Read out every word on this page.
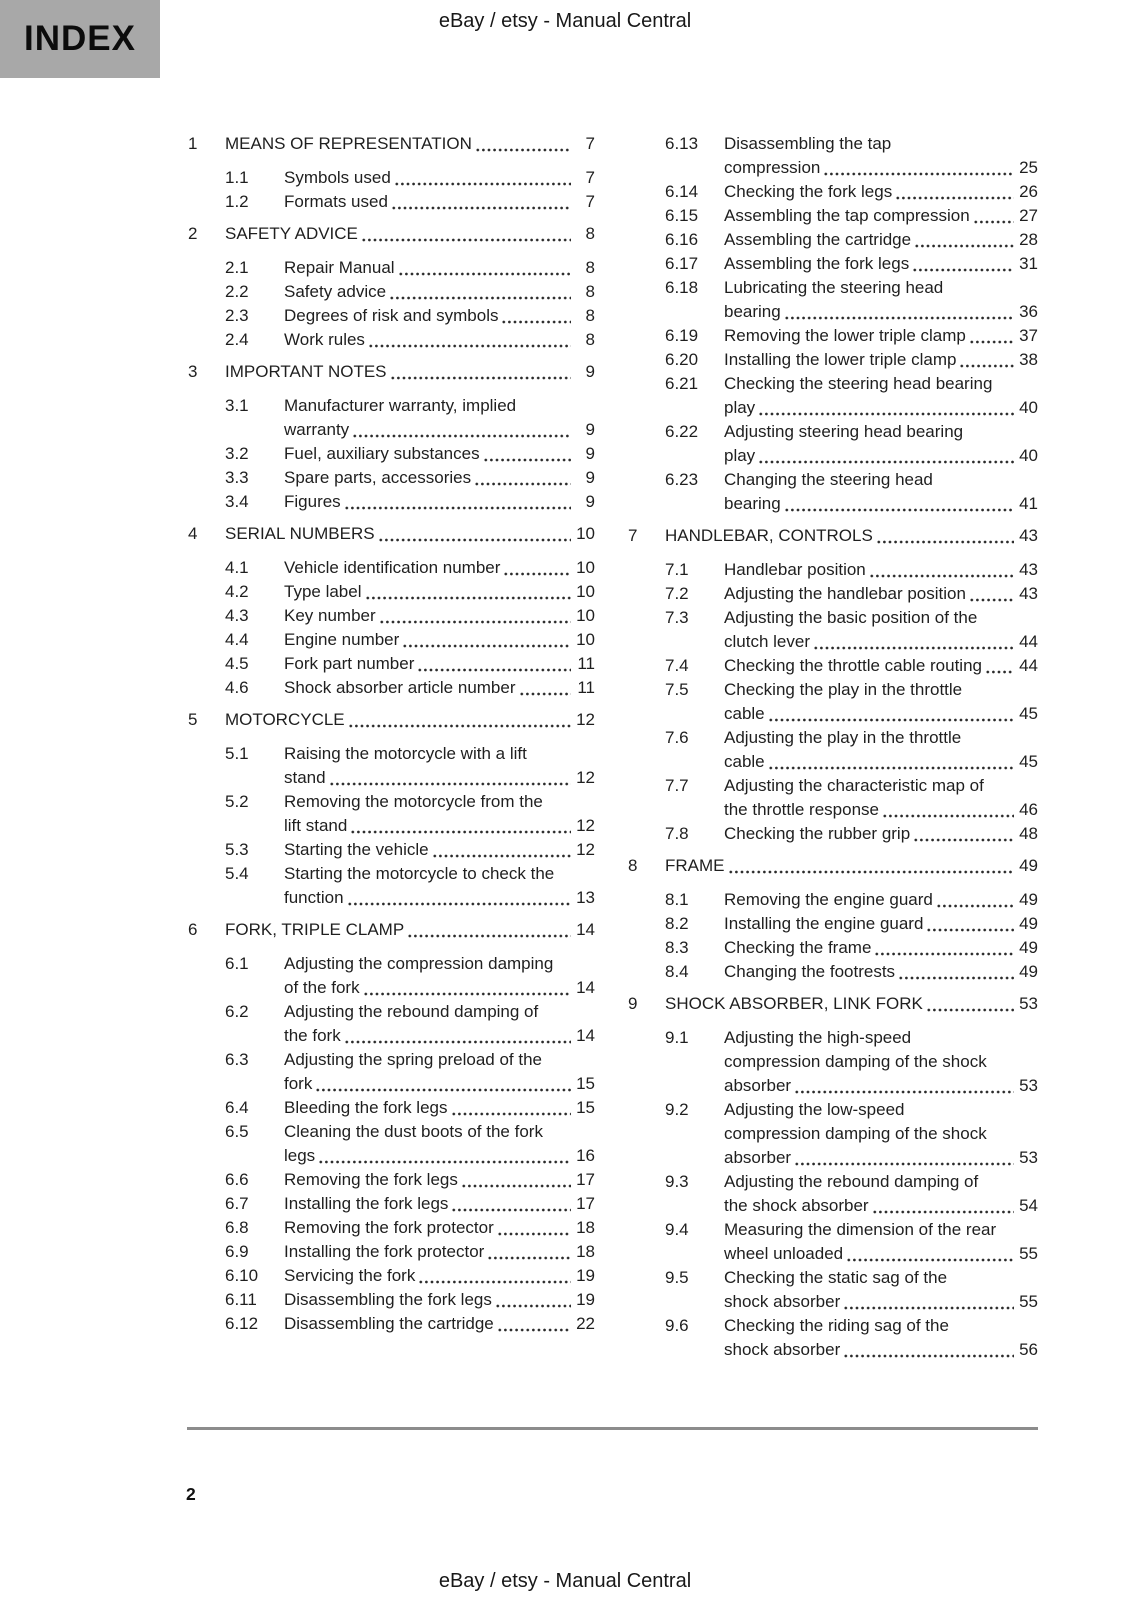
INDEX	eBay / etsy - Manual Central
1	MEANS OF REPRESENTATION	7
1.1	Symbols used	7
1.2	Formats used	7
2	SAFETY ADVICE	8
2.1	Repair Manual	8
2.2	Safety advice	8
2.3	Degrees of risk and symbols	8
2.4	Work rules	8
3	IMPORTANT NOTES	9
3.1	Manufacturer warranty, implied
warranty	9
3.2	Fuel, auxiliary substances	9
3.3	Spare parts, accessories	9
3.4	Figures	9
4	SERIAL NUMBERS	10
4.1	Vehicle identification number	10
4.2	Type label	10
4.3	Key number	10
4.4	Engine number	10
4.5	Fork part number	11
4.6	Shock absorber article number	11
5	MOTORCYCLE	12
5.1	Raising the motorcycle with a lift
stand	12
5.2	Removing the motorcycle from the
lift stand	12
5.3	Starting the vehicle	12
5.4	Starting the motorcycle to check the
function	13
6	FORK, TRIPLE CLAMP	14
6.1	Adjusting the compression damping
of the fork	14
6.2	Adjusting the rebound damping of
the fork	14
6.3	Adjusting the spring preload of the
fork	15
6.4	Bleeding the fork legs	15
6.5	Cleaning the dust boots of the fork
legs	16
6.6	Removing the fork legs	17
6.7	Installing the fork legs	17
6.8	Removing the fork protector	18
6.9	Installing the fork protector	18
6.10	Servicing the fork	19
6.11	Disassembling the fork legs	19
6.12	Disassembling the cartridge	22
6.13	Disassembling the tap
compression	25
6.14	Checking the fork legs	26
6.15	Assembling the tap compression	27
6.16	Assembling the cartridge	28
6.17	Assembling the fork legs	31
6.18	Lubricating the steering head
bearing	36
6.19	Removing the lower triple clamp	37
6.20	Installing the lower triple clamp	38
6.21	Checking the steering head bearing
play	40
6.22	Adjusting steering head bearing
play	40
6.23	Changing the steering head
bearing	41
7	HANDLEBAR, CONTROLS	43
7.1	Handlebar position	43
7.2	Adjusting the handlebar position	43
7.3	Adjusting the basic position of the
clutch lever	44
7.4	Checking the throttle cable routing 44
7.5	Checking the play in the throttle
cable	45
7.6	Adjusting the play in the throttle
cable	45
7.7	Adjusting the characteristic map of
the throttle response	46
7.8	Checking the rubber grip	48
8	FRAME	49
8.1	Removing the engine guard	49
8.2	Installing the engine guard	49
8.3	Checking the frame	49
8.4	Changing the footrests	49
9	SHOCK ABSORBER, LINK FORK	53
9.1	Adjusting the high-speed
compression damping of the shock
absorber	53
9.2	Adjusting the low-speed
compression damping of the shock
absorber	53
9.3	Adjusting the rebound damping of
the shock absorber	54
9.4	Measuring the dimension of the rear
wheel unloaded	55
9.5	Checking the static sag of the
shock absorber	55
9.6	Checking the riding sag of the
shock absorber	56
2
eBay / etsy - Manual Central
